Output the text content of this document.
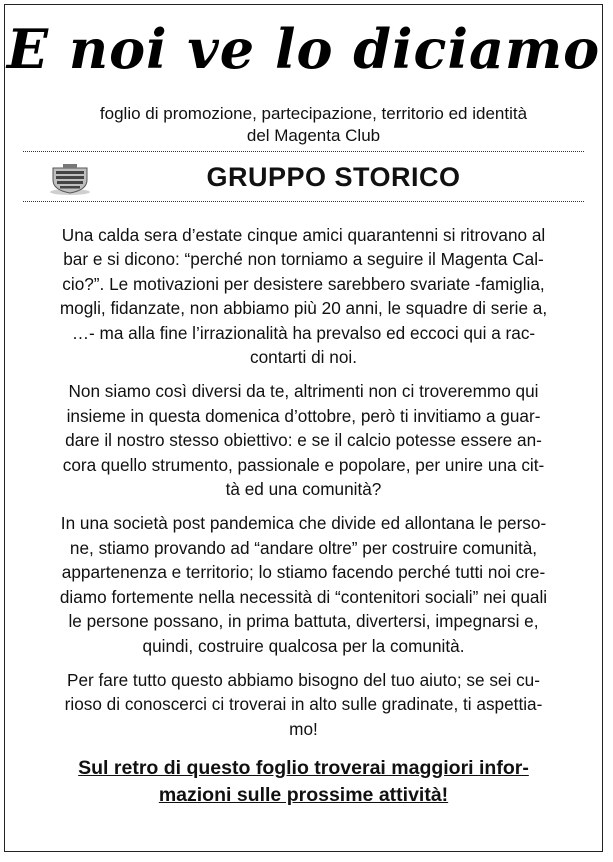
E noi ve lo diciamo
foglio di promozione, partecipazione, territorio ed identità
del Magenta Club
GRUPPO STORICO

Una calda sera d’estate cinque amici quarantenni si ritrovano al
bar e si dicono: “perché non torniamo a seguire il Magenta Cal-
cio?”. Le motivazioni per desistere sarebbero svariate -famiglia,
mogli, fidanzate, non abbiamo più 20 anni, le squadre di serie a,
…- ma alla fine l’irrazionalità ha prevalso ed eccoci qui a rac-
contarti di noi.

Non siamo così diversi da te, altrimenti non ci troveremmo qui
insieme in questa domenica d’ottobre, però ti invitiamo a guar-
dare il nostro stesso obiettivo: e se il calcio potesse essere an-
cora quello strumento, passionale e popolare, per unire una cit-
tà ed una comunità?

In una società post pandemica che divide ed allontana le perso-
ne, stiamo provando ad “andare oltre” per costruire comunità,
appartenenza e territorio; lo stiamo facendo perché tutti noi cre-
diamo fortemente nella necessità di “contenitori sociali” nei quali
le persone possano, in prima battuta, divertersi, impegnarsi e,
quindi, costruire qualcosa per la comunità.

Per fare tutto questo abbiamo bisogno del tuo aiuto; se sei cu-
rioso di conoscerci ci troverai in alto sulle gradinate, ti aspettia-
mo!

Sul retro di questo foglio troverai maggiori infor-
mazioni sulle prossime attività!
